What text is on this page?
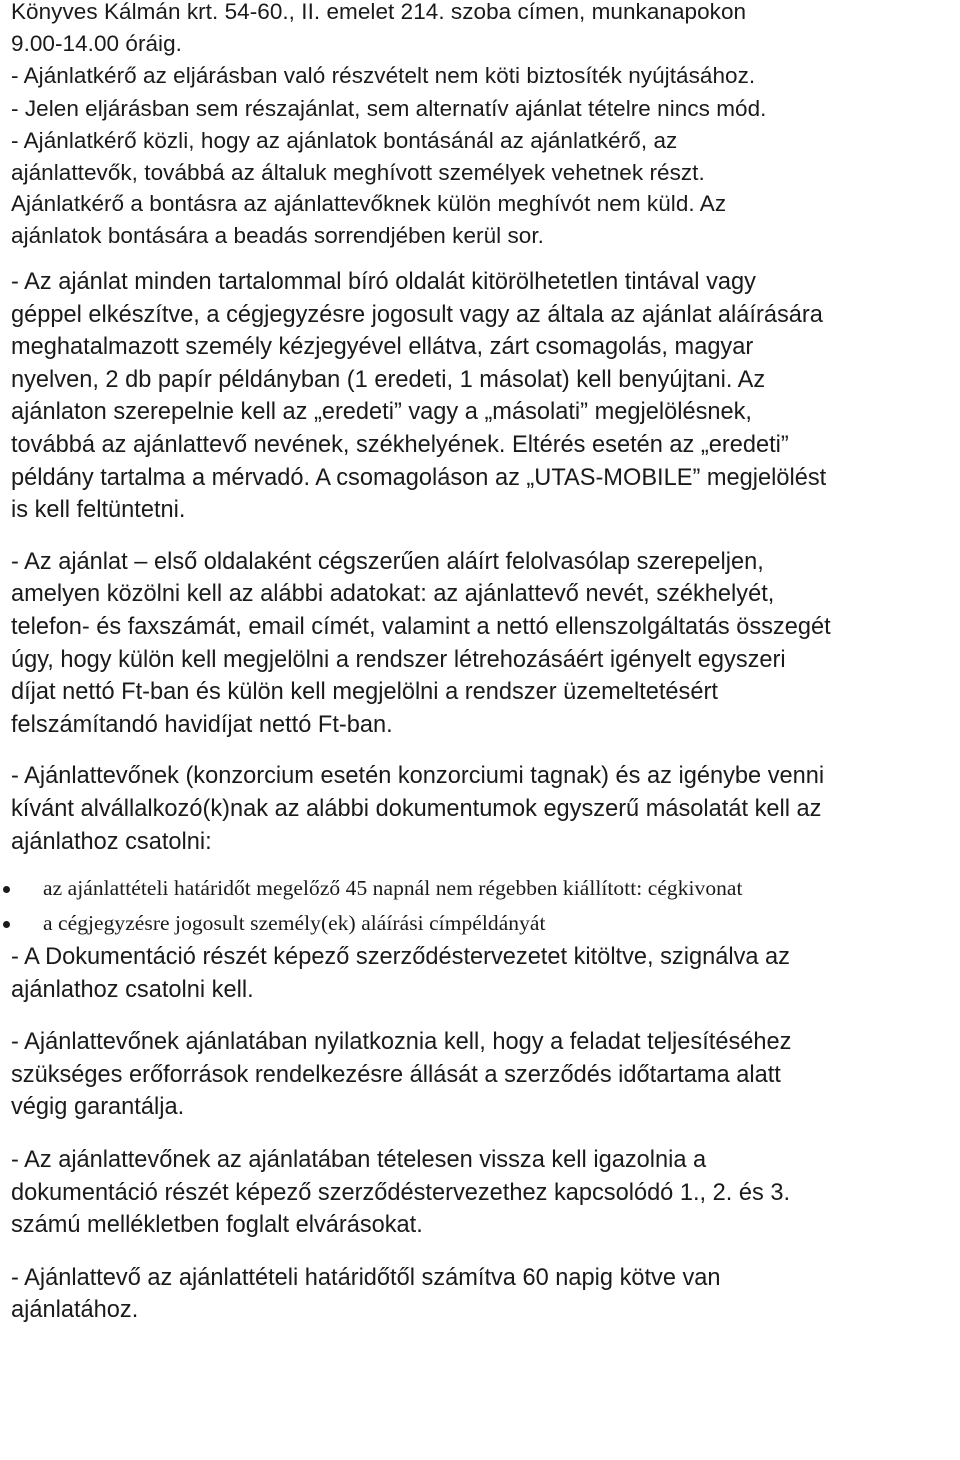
Könyves Kálmán krt. 54-60., II. emelet 214. szoba címen, munkanapokon
9.00-14.00 óráig.

- Ajánlatkérő az eljárásban való részvételt nem köti biztosíték nyújtásához.

- Jelen eljárásban sem részajánlat, sem alternatív ajánlat tételre nincs mód.

- Ajánlatkérő közli, hogy az ajánlatok bontásánál az ajánlatkérő, az
ajánlattevők, továbbá az általuk meghívott személyek vehetnek részt.
Ajánlatkérő a bontásra az ajánlattevőknek külön meghívót nem küld. Az
ajánlatok bontására a beadás sorrendjében kerül sor.

- Az ajánlat minden tartalommal bíró oldalát kitörölhetetlen tintával vagy
géppel elkészítve, a cégjegyzésre jogosult vagy az általa az ajánlat aláírására
meghatalmazott személy kézjegyével ellátva, zárt csomagolás, magyar
nyelven, 2 db papír példányban (1 eredeti, 1 másolat) kell benyújtani. Az
ajánlaton szerepelnie kell az „eredeti” vagy a „másolati” megjelölésnek,
továbbá az ajánlattevő nevének, székhelyének. Eltérés esetén az „eredeti”
példány tartalma a mérvadó. A csomagoláson az „UTAS-MOBILE” megjelölést
is kell feltüntetni.

- Az ajánlat – első oldalaként cégszerűen aláírt felolvasólap szerepeljen,
amelyen közölni kell az alábbi adatokat: az ajánlattevő nevét, székhelyét,
telefon- és faxszámát, email címét, valamint a nettó ellenszolgáltatás összegét
úgy, hogy külön kell megjelölni a rendszer létrehozásáért igényelt egyszeri
díjat nettó Ft-ban és külön kell megjelölni a rendszer üzemeltetésért
felszámítandó havidíjat nettó Ft-ban.

- Ajánlattevőnek (konzorcium esetén konzorciumi tagnak) és az igénybe venni
kívánt alvállalkozó(k)nak az alábbi dokumentumok egyszerű másolatát kell az
ajánlathoz csatolni:

az ajánlattételi határidőt megelőző 45 napnál nem régebben kiállított: cégkivonat
a cégjegyzésre jogosult személy(ek) aláírási címpéldányát

- A Dokumentáció részét képező szerződéstervezetet kitöltve, szignálva az
ajánlathoz csatolni kell.

- Ajánlattevőnek ajánlatában nyilatkoznia kell, hogy a feladat teljesítéséhez
szükséges erőforrások rendelkezésre állását a szerződés időtartama alatt
végig garantálja.

- Az ajánlattevőnek az ajánlatában tételesen vissza kell igazolnia a
dokumentáció részét képező szerződéstervezethez kapcsolódó 1., 2. és 3.
számú mellékletben foglalt elvárásokat.

- Ajánlattevő az ajánlattételi határidőtől számítva 60 napig kötve van
ajánlatához.
